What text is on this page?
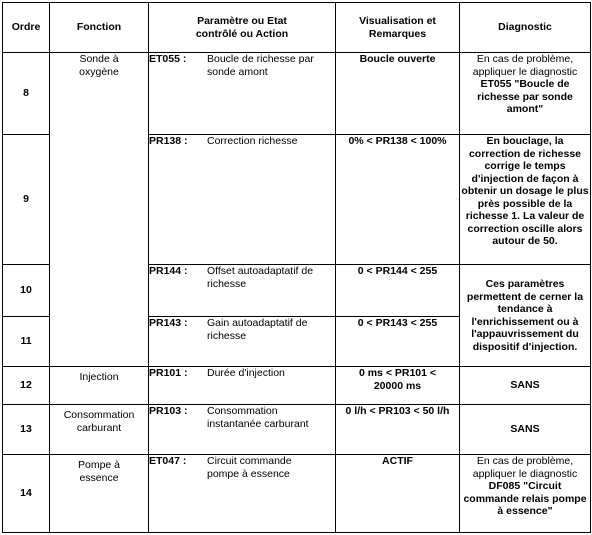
Ordre	Fonction	Paramètre ou Etat contrôlé ou Action	Visualisation et Remarques	Diagnostic
8	Sonde à oxygène	ET055 : Boucle de richesse par sonde amont	Boucle ouverte	En cas de problème, appliquer le diagnostic ET055 "Boucle de richesse par sonde amont"
9		PR138 : Correction richesse	0% < PR138 < 100%	En bouclage, la correction de richesse corrige le temps d'injection de façon à obtenir un dosage le plus près possible de la richesse 1. La valeur de correction oscille alors autour de 50.
10		PR144 : Offset autoadaptatif de richesse	0 < PR144 < 255	Ces paramètres permettent de cerner la tendance à l'enrichissement ou à l'appauvrissement du dispositif d'injection.
11		PR143 : Gain autoadaptatif de richesse	0 < PR143 < 255	
12	Injection	PR101 : Durée d'injection	0 ms < PR101 < 20000 ms	SANS
13	Consommation carburant	PR103 : Consommation instantanée carburant	0 l/h < PR103 < 50 l/h	SANS
14	Pompe à essence	ET047 : Circuit commande pompe à essence	ACTIF	En cas de problème, appliquer le diagnostic DF085 "Circuit commande relais pompe à essence"
